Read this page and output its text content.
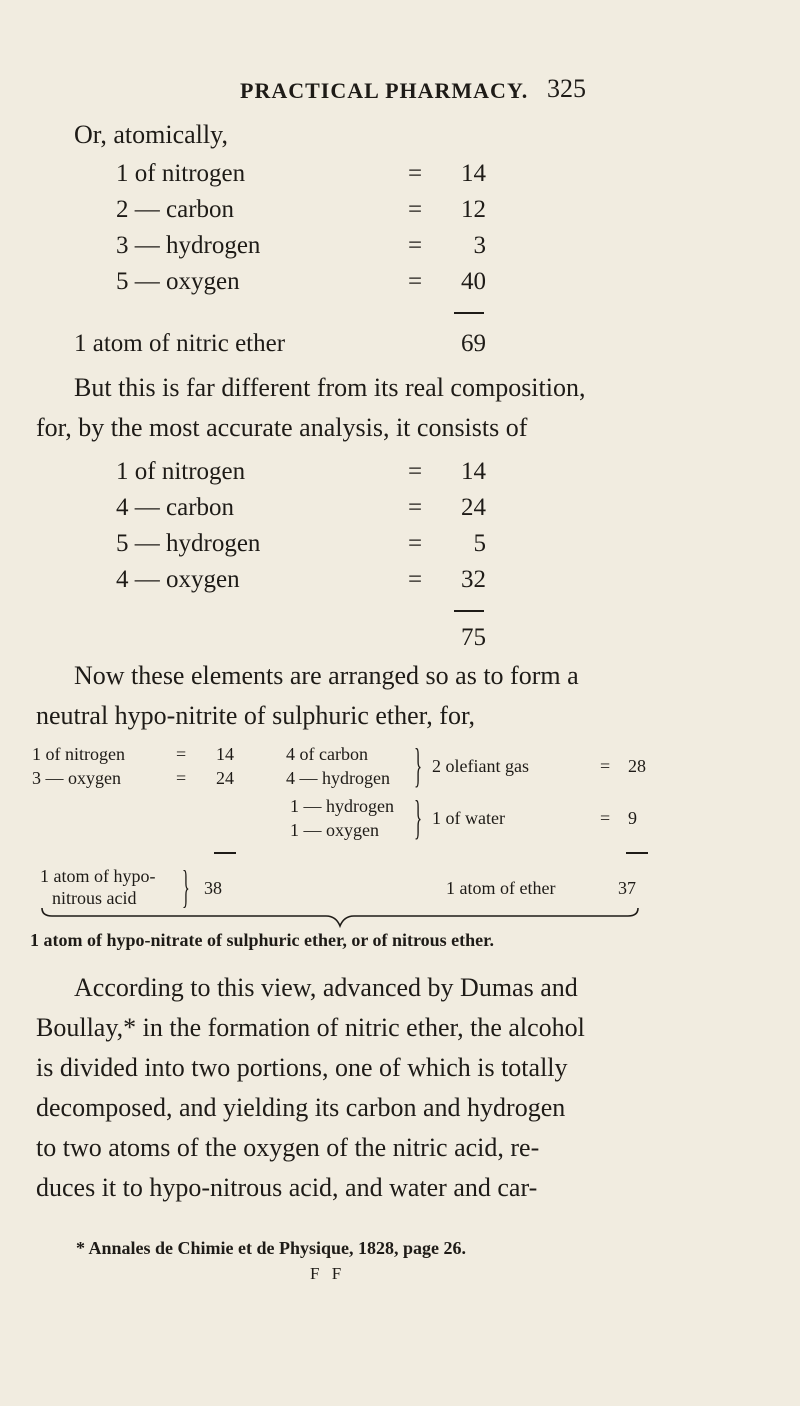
PRACTICAL PHARMACY. 325
Or, atomically,
1 of nitrogen	=	14
2 — carbon	=	12
3 — hydrogen	=	3
5 — oxygen	=	40
1 atom of nitric ether	69
But this is far different from its real composition,
for, by the most accurate analysis, it consists of
1 of nitrogen	=	14
4 — carbon	=	24
5 — hydrogen	=	5
4 — oxygen	=	32
75
Now these elements are arranged so as to form a
neutral hypo-nitrite of sulphuric ether, for,
1 of nitrogen	= 14
3 — oxygen	= 24
4 of carbon
4 — hydrogen } 2 olefiant gas	= 28
1 — hydrogen
1 — oxygen } 1 of water	= 9
1 atom of hypo-
nitrous acid } 38	1 atom of ether	37
1 atom of hypo-nitrate of sulphuric ether, or of nitrous ether.
According to this view, advanced by Dumas and
Boullay,* in the formation of nitric ether, the alcohol
is divided into two portions, one of which is totally
decomposed, and yielding its carbon and hydrogen
to two atoms of the oxygen of the nitric acid, re-
duces it to hypo-nitrous acid, and water and car-
* Annales de Chimie et de Physique, 1828, page 26.
F F
